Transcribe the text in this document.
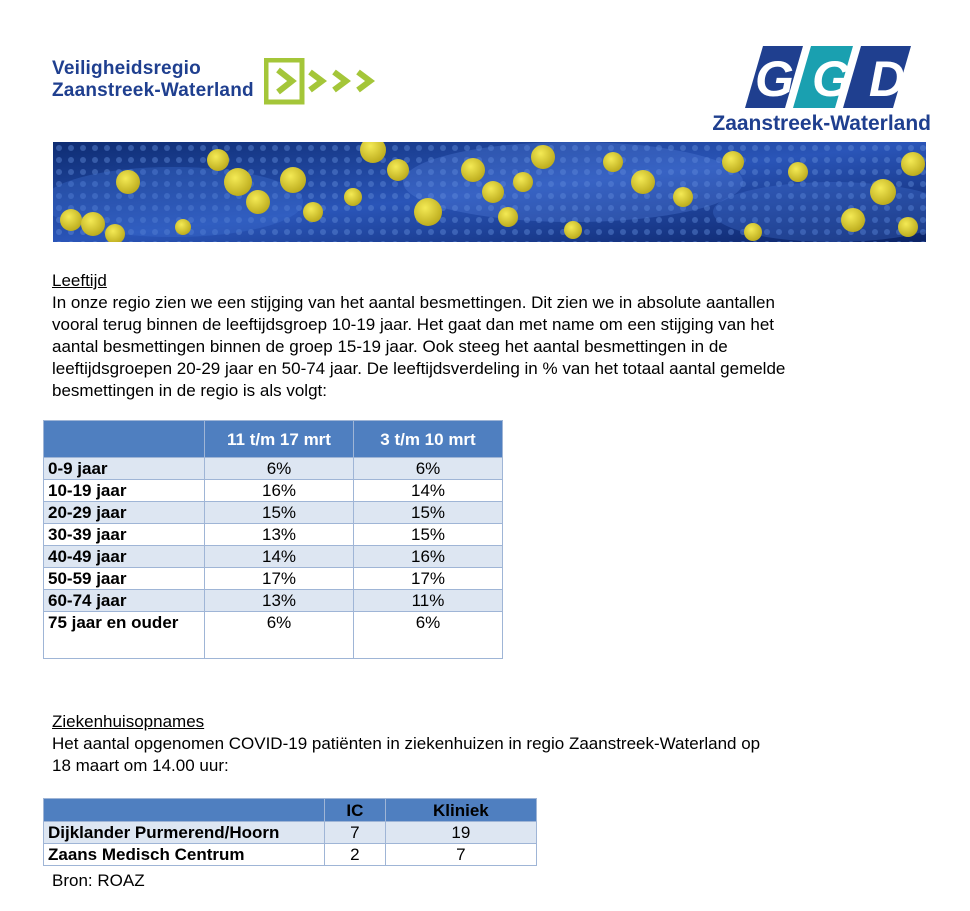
Veiligheidsregio
Zaanstreek-Waterland	GGD
Zaanstreek-Waterland
Leeftijd

In onze regio zien we een stijging van het aantal besmettingen. Dit zien we in absolute aantallen

vooral terug binnen de leeftijdsgroep 10-19 jaar. Het gaat dan met name om een stijging van het

aantal besmettingen binnen de groep 15-19 jaar. Ook steeg het aantal besmettingen in de

leeftijdsgroepen 20-29 jaar en 50-74 jaar. De leeftijdsverdeling in % van het totaal aantal gemelde

besmettingen in de regio is als volgt:

	11 t/m 17 mrt	3 t/m 10 mrt
0-9 jaar	6%	6%
10-19 jaar	16%	14%
20-29 jaar	15%	15%
30-39 jaar	13%	15%
40-49 jaar	14%	16%
50-59 jaar	17%	17%
60-74 jaar	13%	11%
75 jaar en ouder	6%	6%
Ziekenhuisopnames

Het aantal opgenomen COVID-19 patiënten in ziekenhuizen in regio Zaanstreek-Waterland op

18 maart om 14.00 uur:

	IC	Kliniek
Dijklander Purmerend/Hoorn	7	19
Zaans Medisch Centrum	2	7
Bron: ROAZ
